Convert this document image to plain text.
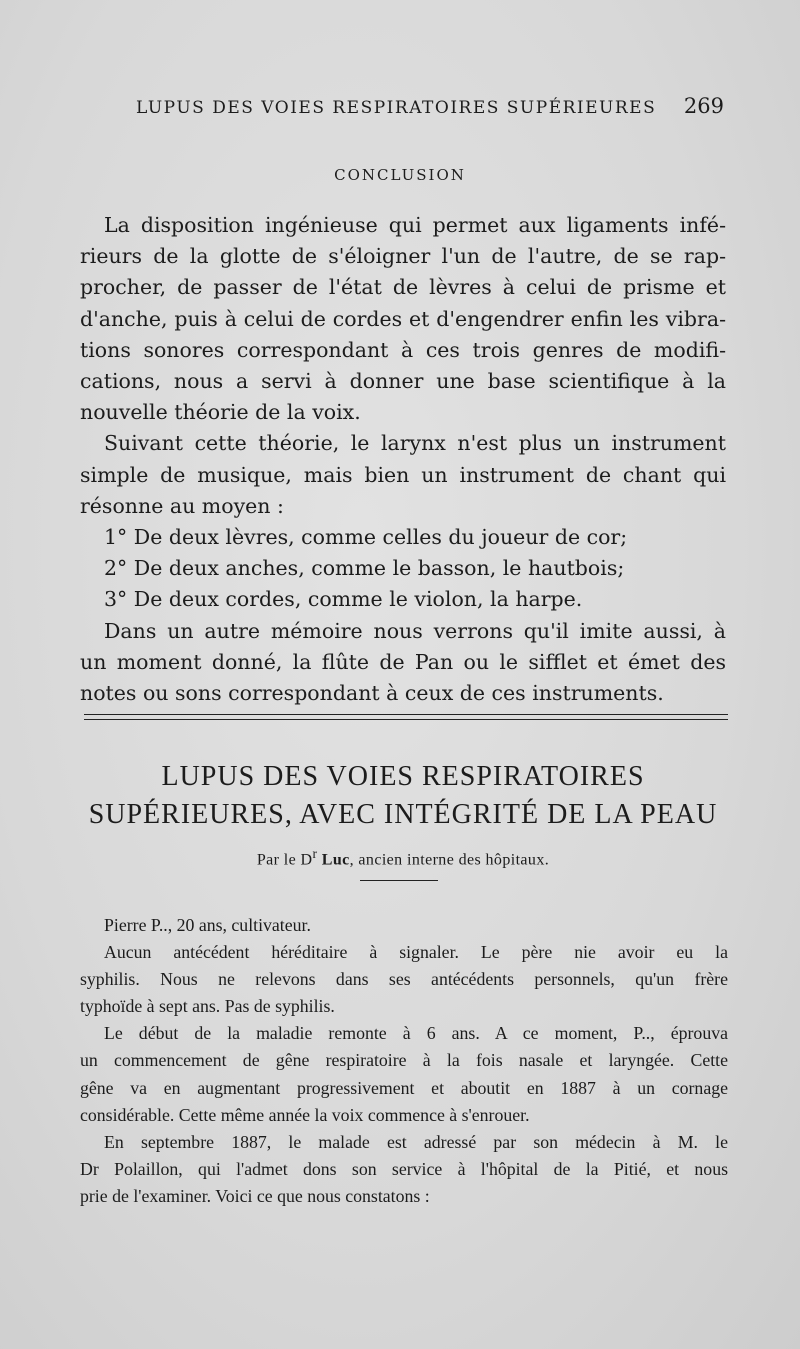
LUPUS DES VOIES RESPIRATOIRES SUPÉRIEURES 269
CONCLUSION
La disposition ingénieuse qui permet aux ligaments infé-
rieurs de la glotte de s'éloigner l'un de l'autre, de se rap-
procher, de passer de l'état de lèvres à celui de prisme et
d'anche, puis à celui de cordes et d'engendrer enfin les vibra-
tions sonores correspondant à ces trois genres de modifi-
cations, nous a servi à donner une base scientifique à la
nouvelle théorie de la voix.
Suivant cette théorie, le larynx n'est plus un instrument
simple de musique, mais bien un instrument de chant qui
résonne au moyen :
1° De deux lèvres, comme celles du joueur de cor;
2° De deux anches, comme le basson, le hautbois;
3° De deux cordes, comme le violon, la harpe.
Dans un autre mémoire nous verrons qu'il imite aussi, à
un moment donné, la flûte de Pan ou le sifflet et émet des
notes ou sons correspondant à ceux de ces instruments.
LUPUS DES VOIES RESPIRATOIRES
SUPÉRIEURES, AVEC INTÉGRITÉ DE LA PEAU
Par le $D^r$ Luc, ancien interne des hôpitaux.
Pierre P.., 20 ans, cultivateur.
Aucun antécédent héréditaire à signaler. Le père nie avoir eu la
syphilis. Nous ne relevons dans ses antécédents personnels, qu'un frère
typhoïde à sept ans. Pas de syphilis.
Le début de la maladie remonte à 6 ans. A ce moment, P.., éprouva
un commencement de gêne respiratoire à la fois nasale et laryngée. Cette
gêne va en augmentant progressivement et aboutit en 1887 à un cornage
considérable. Cette même année la voix commence à s'enrouer.
En septembre 1887, le malade est adressé par son médecin à M. le
Dr Polaillon, qui l'admet dons son service à l'hôpital de la Pitié, et nous
prie de l'examiner. Voici ce que nous constatons :
